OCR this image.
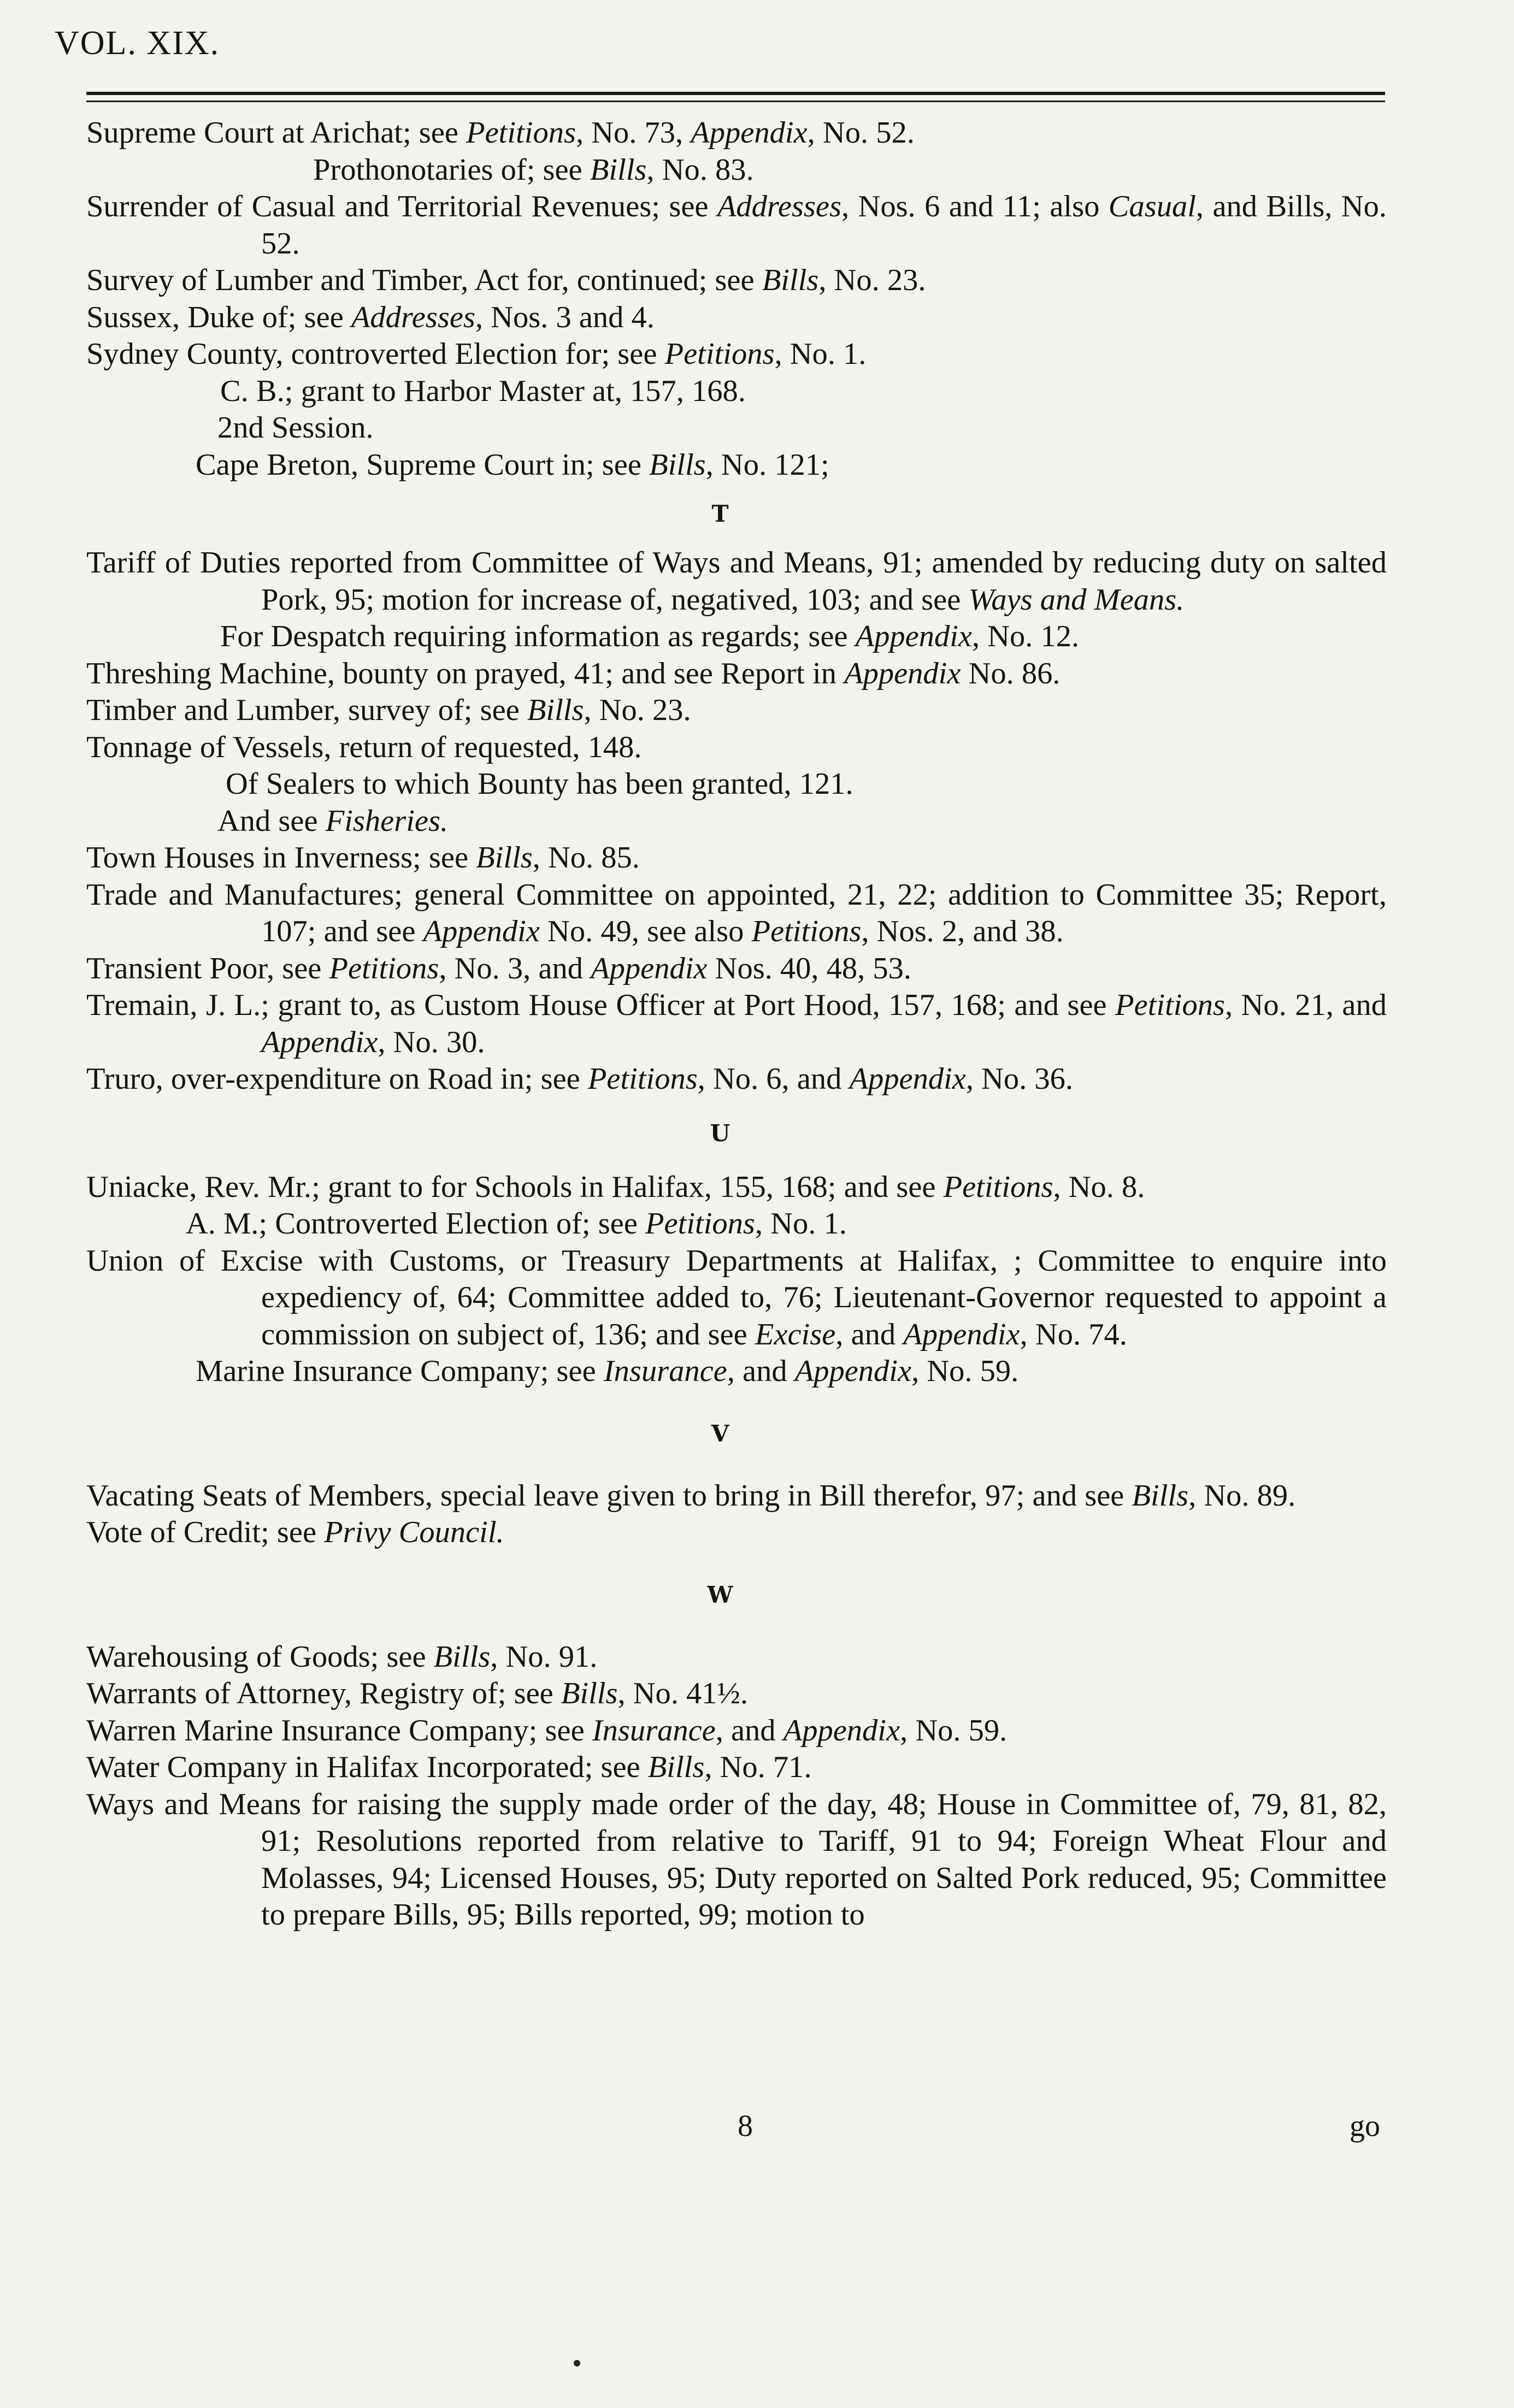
VOL. XIX.

Supreme Court at Arichat; see Petitions, No. 73, Appendix, No. 52.

Prothonotaries of; see Bills, No. 83.

Surrender of Casual and Territorial Revenues; see Addresses, Nos. 6 and 11; also Casual, and Bills, No. 52.

Survey of Lumber and Timber, Act for, continued; see Bills, No. 23.

Sussex, Duke of; see Addresses, Nos. 3 and 4.

Sydney County, controverted Election for; see Petitions, No. 1.

C. B.; grant to Harbor Master at, 157, 168.

2nd Session.

Cape Breton, Supreme Court in; see Bills, No. 121;

T

Tariff of Duties reported from Committee of Ways and Means, 91; amended by reducing duty on salted Pork, 95; motion for increase of, negatived, 103; and see Ways and Means.

For Despatch requiring information as regards; see Appendix, No. 12.

Threshing Machine, bounty on prayed, 41; and see Report in Appendix No. 86.

Timber and Lumber, survey of; see Bills, No. 23.

Tonnage of Vessels, return of requested, 148.

Of Sealers to which Bounty has been granted, 121.

And see Fisheries.

Town Houses in Inverness; see Bills, No. 85.

Trade and Manufactures; general Committee on appointed, 21, 22; addition to Committee 35; Report, 107; and see Appendix No. 49, see also Petitions, Nos. 2, and 38.

Transient Poor, see Petitions, No. 3, and Appendix Nos. 40, 48, 53.

Tremain, J. L.; grant to, as Custom House Officer at Port Hood, 157, 168; and see Petitions, No. 21, and Appendix, No. 30.

Truro, over-expenditure on Road in; see Petitions, No. 6, and Appendix, No. 36.

U

Uniacke, Rev. Mr.; grant to for Schools in Halifax, 155, 168; and see Petitions, No. 8.

A. M.; Controverted Election of; see Petitions, No. 1.

Union of Excise with Customs, or Treasury Departments at Halifax, ; Committee to enquire into expediency of, 64; Committee added to, 76; Lieutenant-Governor requested to appoint a commission on subject of, 136; and see Excise, and Appendix, No. 74.

Marine Insurance Company; see Insurance, and Appendix, No. 59.

V

Vacating Seats of Members, special leave given to bring in Bill therefor, 97; and see Bills, No. 89.

Vote of Credit; see Privy Council.

W

Warehousing of Goods; see Bills, No. 91.

Warrants of Attorney, Registry of; see Bills, No. 41½.

Warren Marine Insurance Company; see Insurance, and Appendix, No. 59.

Water Company in Halifax Incorporated; see Bills, No. 71.

Ways and Means for raising the supply made order of the day, 48; House in Committee of, 79, 81, 82, 91; Resolutions reported from relative to Tariff, 91 to 94; Foreign Wheat Flour and Molasses, 94; Licensed Houses, 95; Duty reported on Salted Pork reduced, 95; Committee to prepare Bills, 95; Bills reported, 99; motion to

8	go
